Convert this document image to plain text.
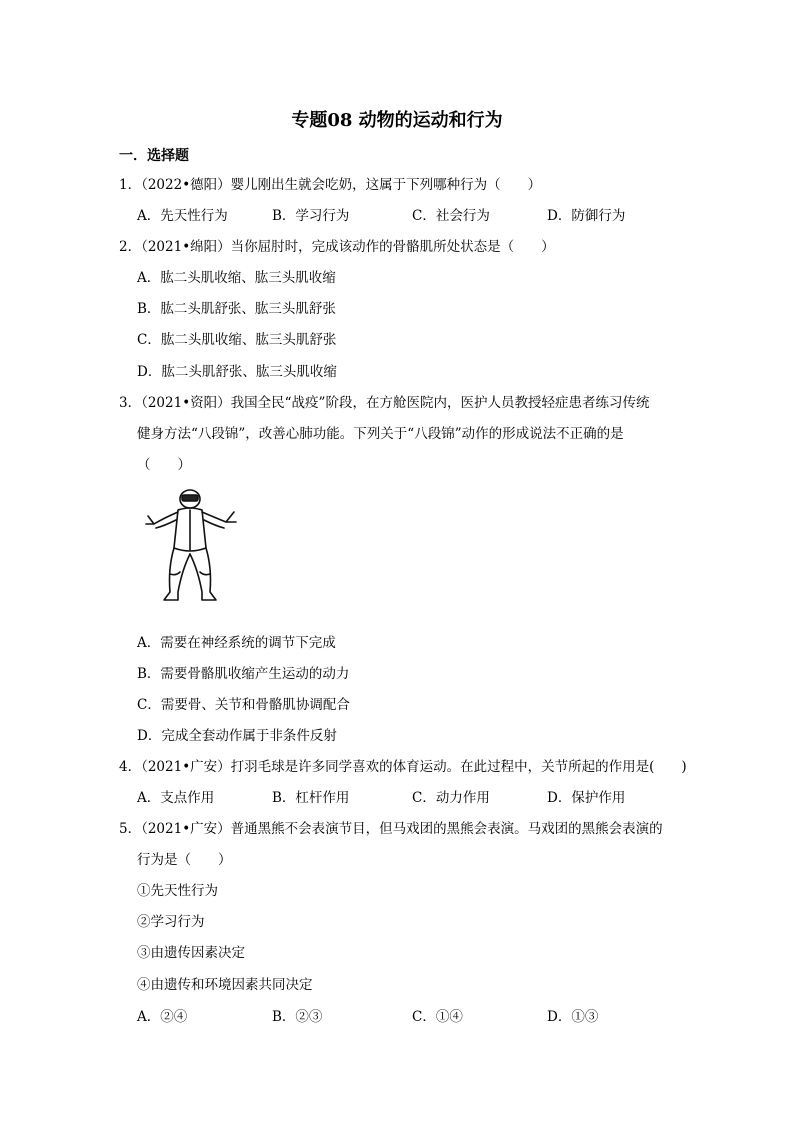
专题08 动物的运动和行为
一．选择题
1．（2022•德阳）婴儿刚出生就会吃奶，这属于下列哪种行为（　　）
A．先天性行为	B．学习行为	C．社会行为	D．防御行为
2．（2021•绵阳）当你屈肘时，完成该动作的骨骼肌所处状态是（　　）
A．肱二头肌收缩、肱三头肌收缩
B．肱二头肌舒张、肱三头肌舒张
C．肱二头肌收缩、肱三头肌舒张
D．肱二头肌舒张、肱三头肌收缩
3．（2021•资阳）我国全民“战疫”阶段，在方舱医院内，医护人员教授轻症患者练习传统
健身方法“八段锦”，改善心肺功能。下列关于“八段锦”动作的形成说法不正确的是
（　　）
A．需要在神经系统的调节下完成
B．需要骨骼肌收缩产生运动的动力
C．需要骨、关节和骨骼肌协调配合
D．完成全套动作属于非条件反射
4．（2021•广安）打羽毛球是许多同学喜欢的体育运动。在此过程中，关节所起的作用是(　　)
A．支点作用	B．杠杆作用	C．动力作用	D．保护作用
5．（2021•广安）普通黑熊不会表演节目，但马戏团的黑熊会表演。马戏团的黑熊会表演的
行为是（　　）
①先天性行为
②学习行为
③由遗传因素决定
④由遗传和环境因素共同决定
A．②④	B．②③	C．①④	D．①③
